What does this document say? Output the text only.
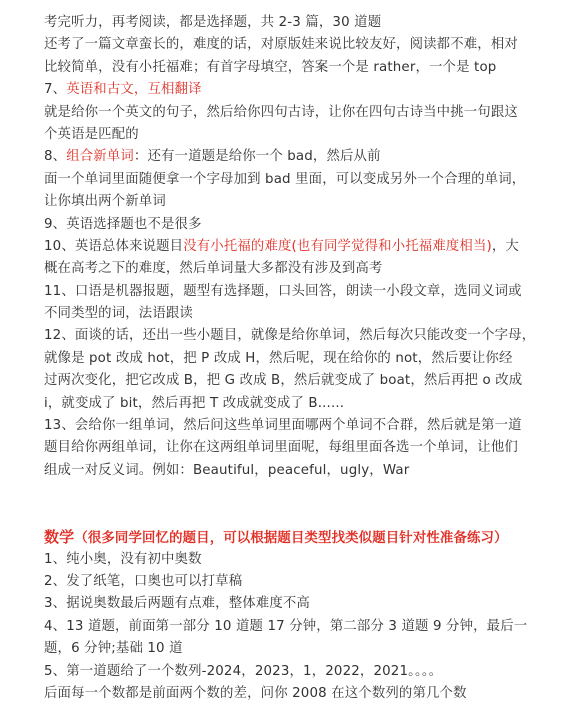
考完听力，再考阅读，都是选择题，共 2-3 篇，30 道题
还考了一篇文章蛮长的，难度的话，对原版娃来说比较友好，阅读都不难，相对
比较简单，没有小托福难；有首字母填空，答案一个是 rather，一个是 top
7、英语和古文，互相翻译
就是给你一个英文的句子，然后给你四句古诗，让你在四句古诗当中挑一句跟这
个英语是匹配的
8、组合新单词：还有一道题是给你一个 bad，然后从前
面一个单词里面随便拿一个字母加到 bad 里面，可以变成另外一个合理的单词，
让你填出两个新单词
9、英语选择题也不是很多
10、英语总体来说题目没有小托福的难度(也有同学觉得和小托福难度相当)，大
概在高考之下的难度，然后单词量大多都没有涉及到高考
11、口语是机器报题，题型有选择题，口头回答，朗读一小段文章，选同义词或
不同类型的词，法语跟读
12、面谈的话，还出一些小题目，就像是给你单词，然后每次只能改变一个字母，
就像是 pot 改成 hot，把 P 改成 H，然后呢，现在给你的 not，然后要让你经
过两次变化，把它改成 B，把 G 改成 B，然后就变成了 boat，然后再把 o 改成
i，就变成了 bit，然后再把 T 改成就变成了 B......
13、会给你一组单词，然后问这些单词里面哪两个单词不合群，然后就是第一道
题目给你两组单词，让你在这两组单词里面呢，每组里面各选一个单词，让他们
组成一对反义词。例如：Beautiful，peaceful，ugly，War
数学（很多同学回忆的题目，可以根据题目类型找类似题目针对性准备练习）
1、纯小奥，没有初中奥数
2、发了纸笔，口奥也可以打草稿
3、据说奥数最后两题有点难，整体难度不高
4、13 道题，前面第一部分 10 道题 17 分钟，第二部分 3 道题 9 分钟，最后一
题，6 分钟;基础 10 道
5、第一道题给了一个数列-2024，2023，1，2022，2021。。。。
后面每一个数都是前面两个数的差，问你 2008 在这个数列的第几个数
